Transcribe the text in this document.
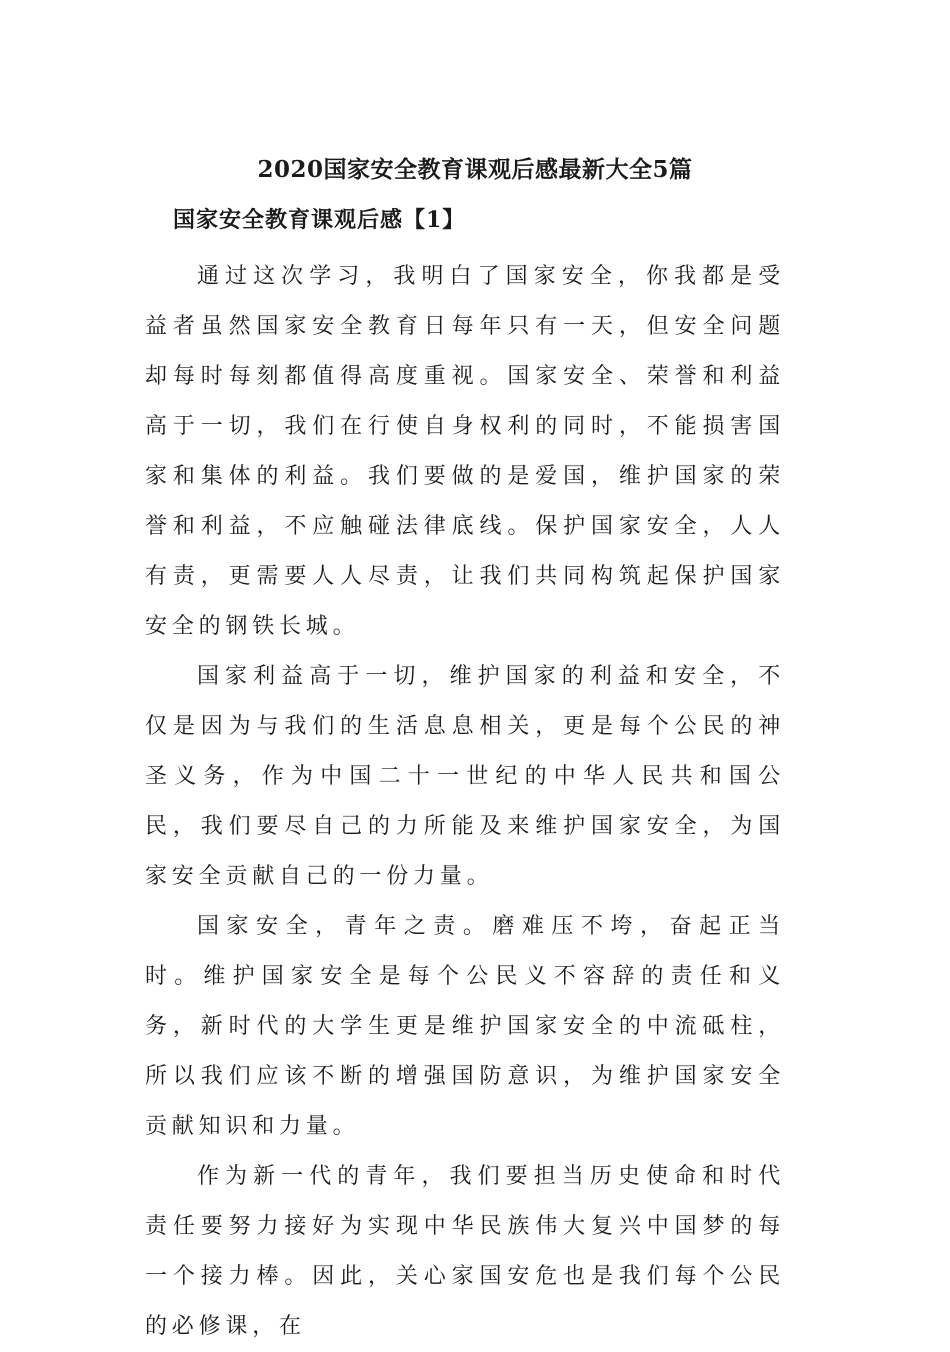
2020国家安全教育课观后感最新大全5篇
国家安全教育课观后感【1】

通过这次学习，我明白了国家安全，你我都是受益者虽然国家安全教育日每年只有一天，但安全问题却每时每刻都值得高度重视。国家安全、荣誉和利益高于一切，我们在行使自身权利的同时，不能损害国家和集体的利益。我们要做的是爱国，维护国家的荣誉和利益，不应触碰法律底线。保护国家安全，人人有责，更需要人人尽责，让我们共同构筑起保护国家安全的钢铁长城。

国家利益高于一切，维护国家的利益和安全，不仅是因为与我们的生活息息相关，更是每个公民的神圣义务，作为中国二十一世纪的中华人民共和国公民，我们要尽自己的力所能及来维护国家安全，为国家安全贡献自己的一份力量。

国家安全，青年之责。磨难压不垮，奋起正当时。维护国家安全是每个公民义不容辞的责任和义务，新时代的大学生更是维护国家安全的中流砥柱，所以我们应该不断的增强国防意识，为维护国家安全贡献知识和力量。

作为新一代的青年，我们要担当历史使命和时代责任要努力接好为实现中华民族伟大复兴中国梦的每一个接力棒。因此，关心家国安危也是我们每个公民的必修课，在
